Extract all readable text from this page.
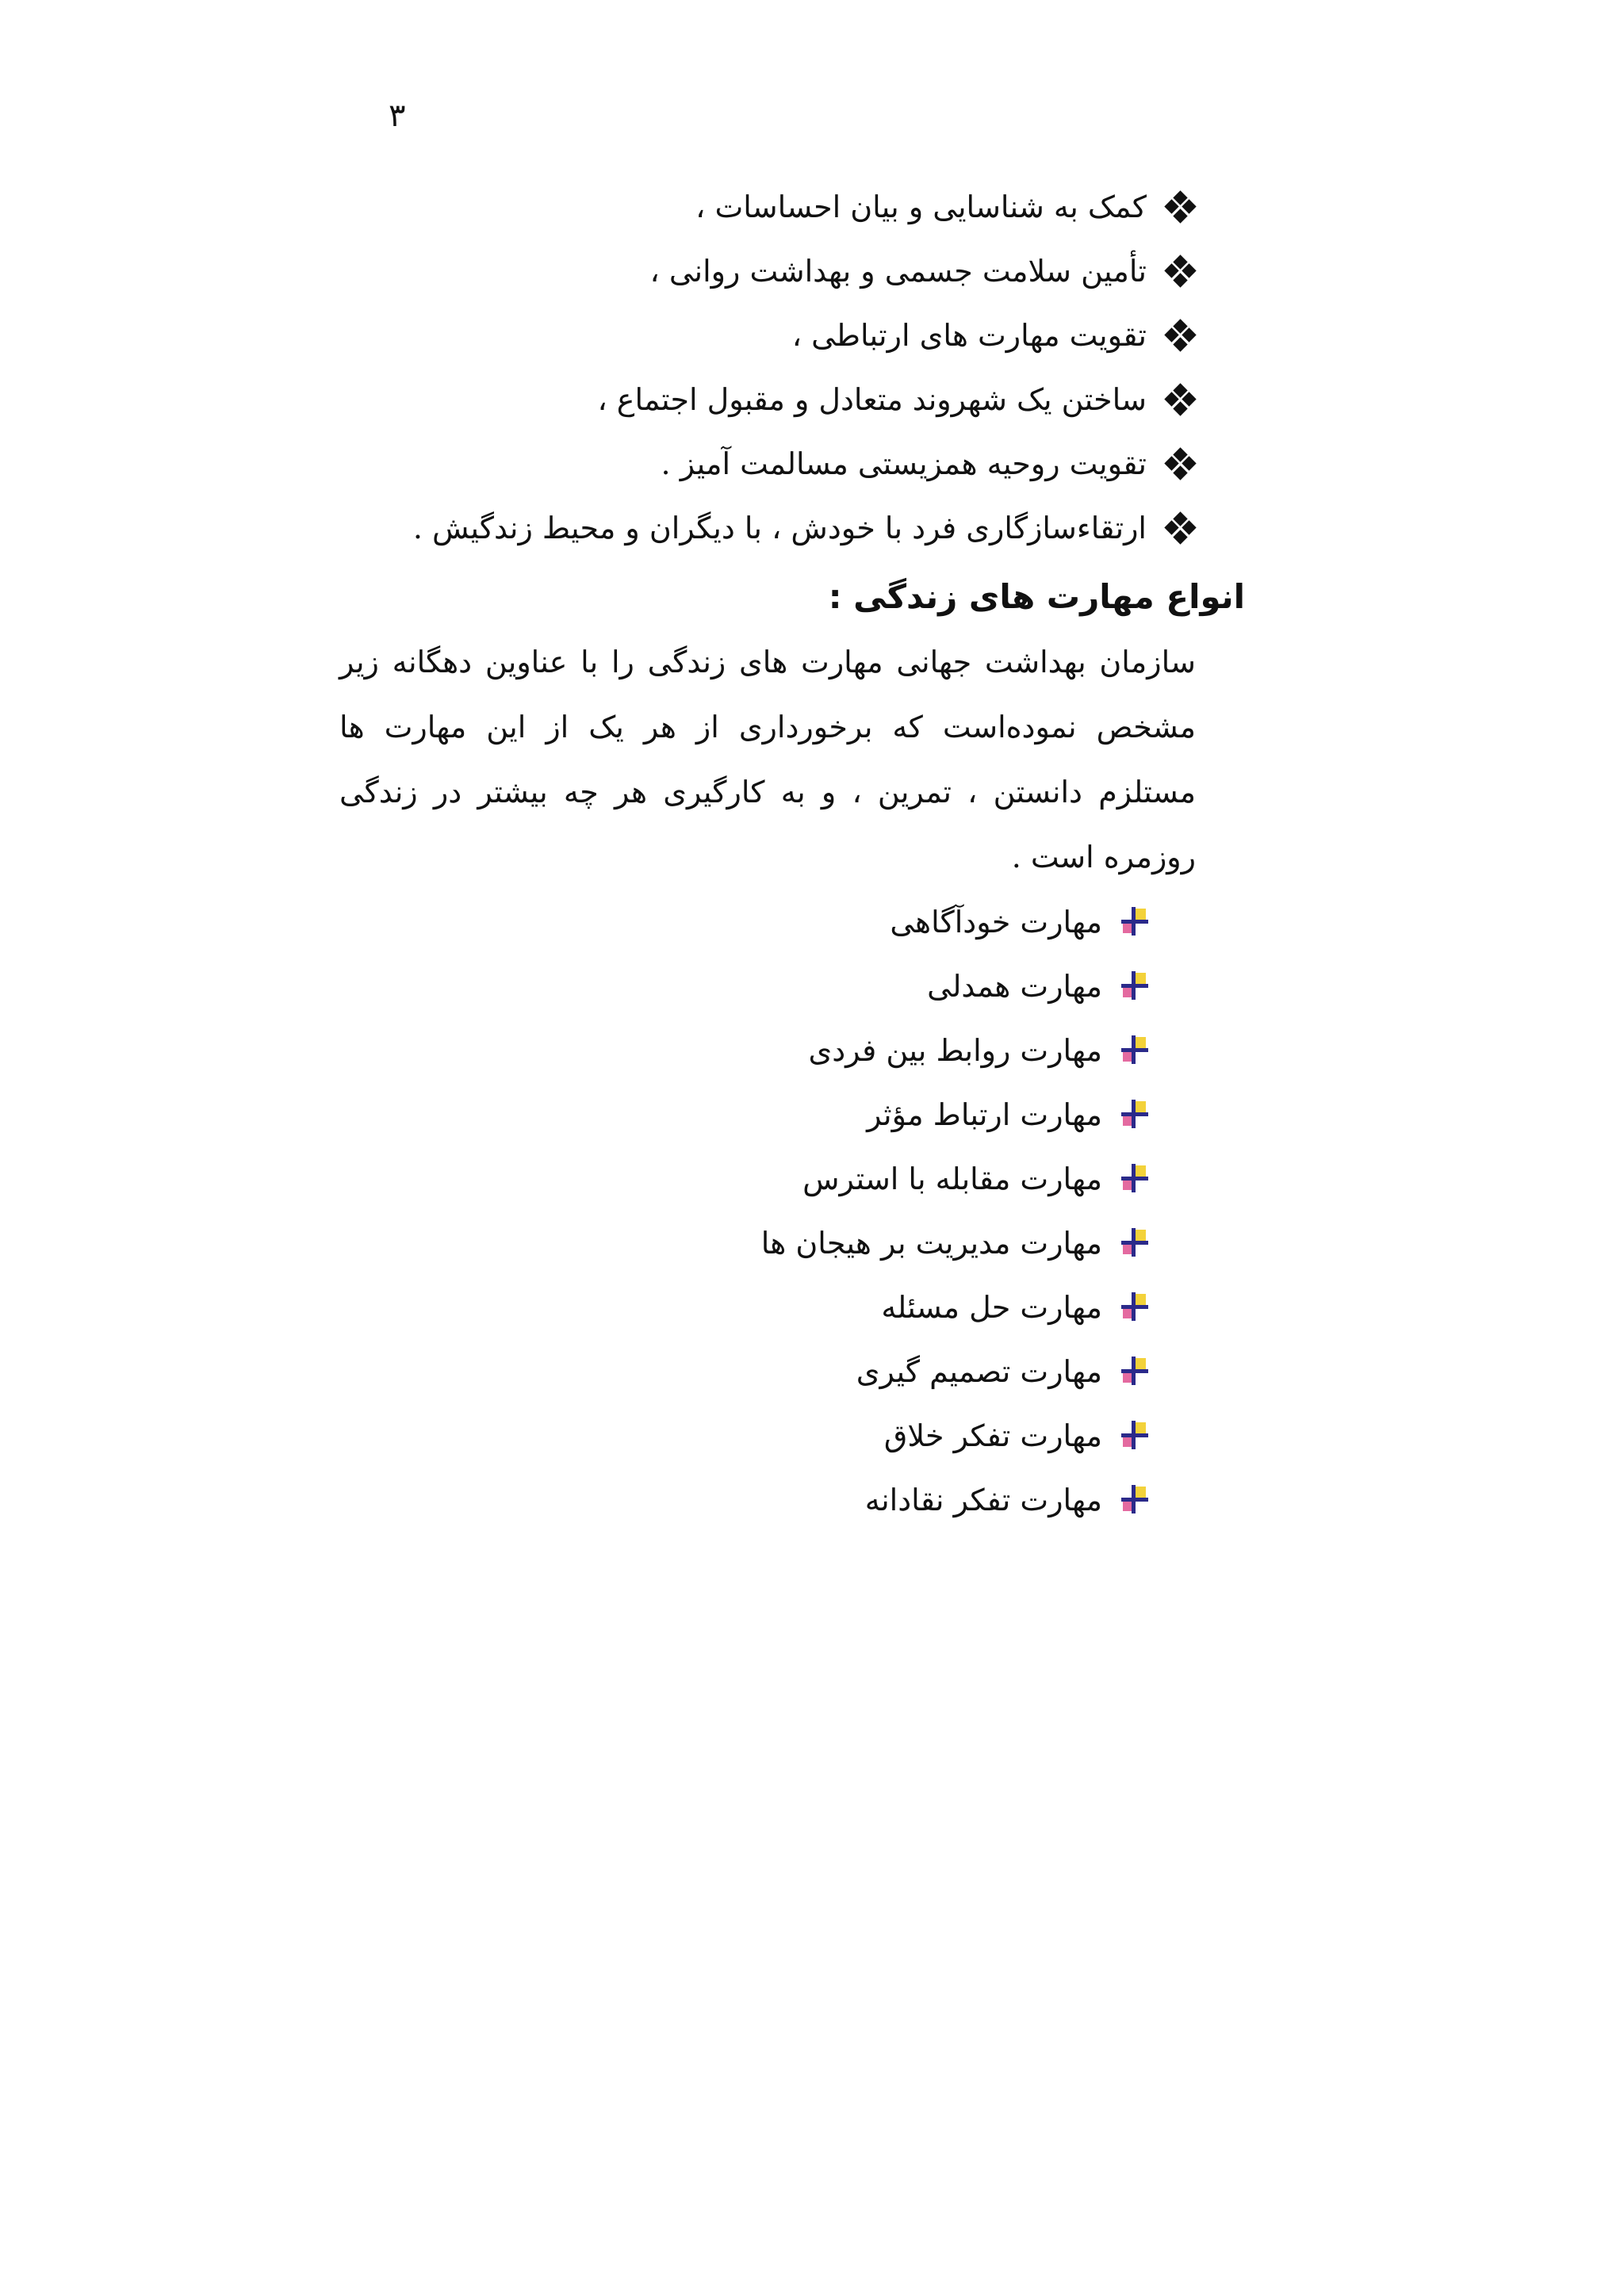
۳
کمک به شناسایی و بیان احساسات ،
تأمین سلامت جسمی و بهداشت روانی ،
تقویت مهارت های ارتباطی ،
ساختن یک شهروند متعادل و مقبول اجتماع ،
تقویت روحیه همزیستی مسالمت آمیز .
ارتقاءسازگاری فرد با خودش ، با دیگران و محیط زندگیش .
انواع مهارت های زندگی :

سازمان بهداشت جهانی مهارت های زندگی را با عناوین دهگانه زیر مشخص نموده‌است که برخورداری از هر یک از این مهارت ها مستلزم دانستن ، تمرین ، و به کارگیری هر چه بیشتر در زندگی روزمره است .

مهارت خودآگاهی
مهارت همدلی
مهارت روابط بین فردی
مهارت ارتباط مؤثر
مهارت مقابله با استرس
مهارت مدیریت بر هیجان ها
مهارت حل مسئله
مهارت تصمیم گیری
مهارت تفکر خلاق
مهارت تفکر نقادانه
